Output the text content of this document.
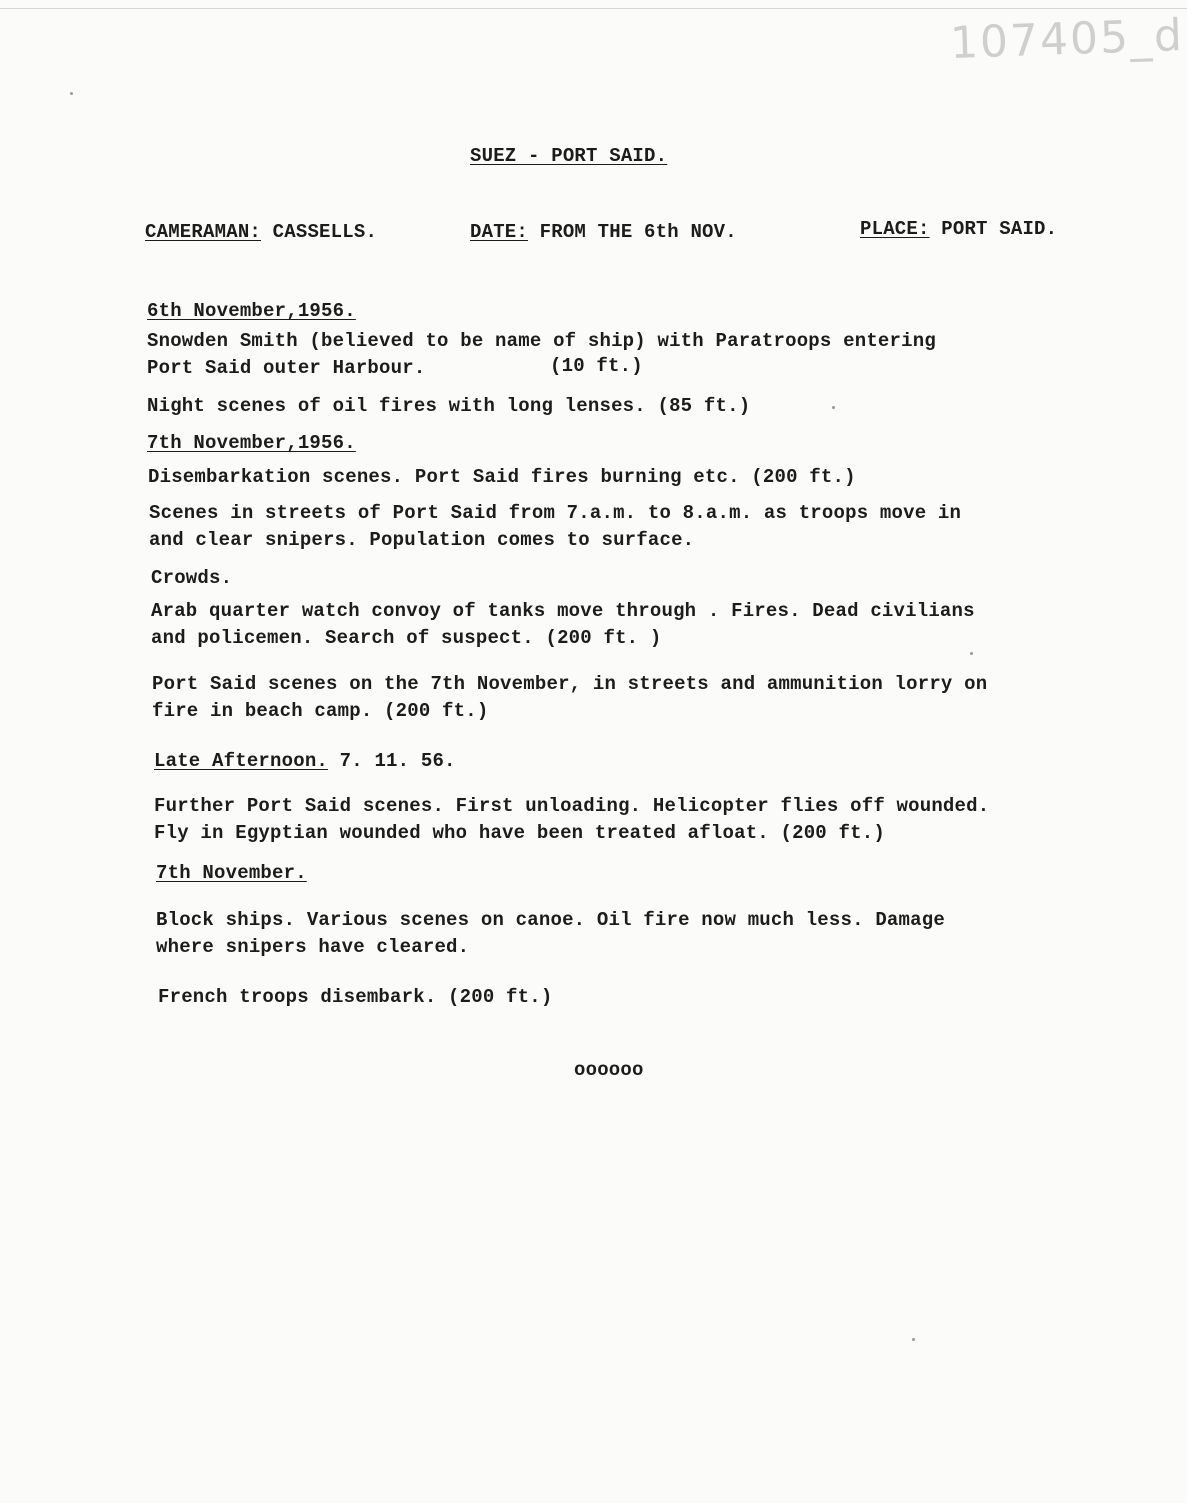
107405_d
SUEZ - PORT SAID.
CAMERAMAN: CASSELLS.	DATE: FROM THE 6th NOV.	PLACE: PORT SAID.
6th November,1956.
Snowden Smith (believed to be name of ship) with Paratroops entering
Port Said outer Harbour.	(10 ft.)
Night scenes of oil fires with long lenses. (85 ft.)
7th November,1956.
Disembarkation scenes. Port Said fires burning etc. (200 ft.)
Scenes in streets of Port Said from 7.a.m. to 8.a.m. as troops move in
and clear snipers. Population comes to surface.
Crowds.
Arab quarter watch convoy of tanks move through . Fires. Dead civilians
and policemen. Search of suspect. (200 ft. )
Port Said scenes on the 7th November, in streets and ammunition lorry on
fire in beach camp. (200 ft.)
Late Afternoon. 7. 11. 56.
Further Port Said scenes. First unloading. Helicopter flies off wounded.
Fly in Egyptian wounded who have been treated afloat. (200 ft.)
7th November.
Block ships. Various scenes on canoe. Oil fire now much less. Damage
where snipers have cleared.
French troops disembark. (200 ft.)
oooooo
